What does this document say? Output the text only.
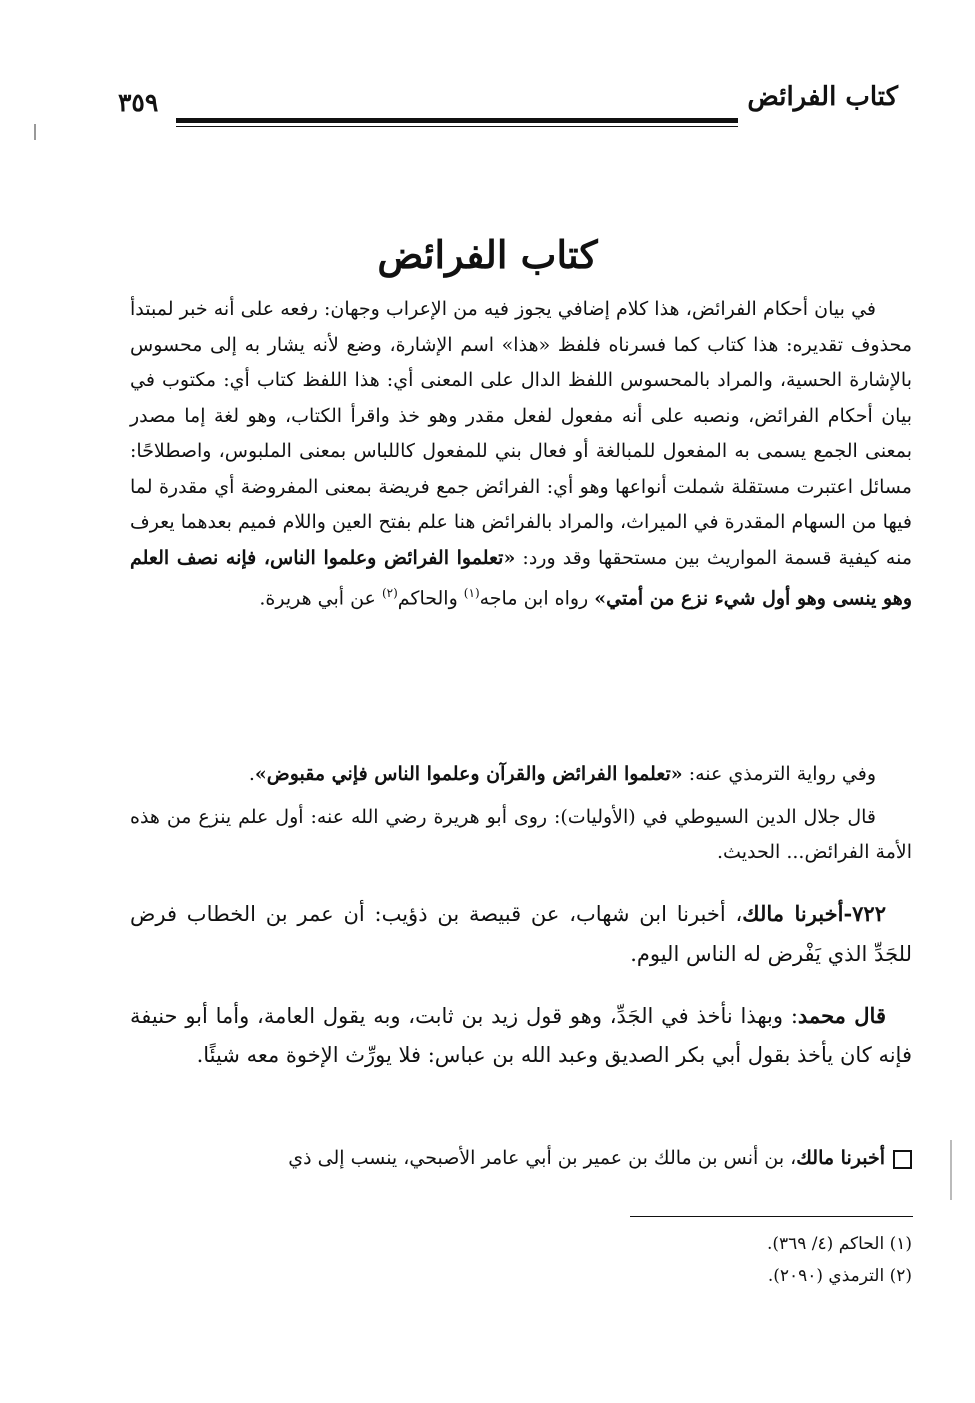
كتاب الفرائض
٣٥٩
كتاب الفرائض
في بيان أحكام الفرائض، هذا كلام إضافي يجوز فيه من الإعراب وجهان: رفعه على أنه خبر لمبتدأ محذوف تقديره: هذا كتاب كما فسرناه فلفظ «هذا» اسم الإشارة، وضع لأنه يشار به إلى محسوس بالإشارة الحسية، والمراد بالمحسوس اللفظ الدال على المعنى أي: هذا اللفظ كتاب أي: مكتوب في بيان أحكام الفرائض، ونصبه على أنه مفعول لفعل مقدر وهو خذ واقرأ الكتاب، وهو لغة إما مصدر بمعنى الجمع يسمى به المفعول للمبالغة أو فعال بني للمفعول كاللباس بمعنى الملبوس، واصطلاحًا: مسائل اعتبرت مستقلة شملت أنواعها وهو أي: الفرائض جمع فريضة بمعنى المفروضة أي مقدرة لما فيها من السهام المقدرة في الميراث، والمراد بالفرائض هنا علم بفتح العين واللام فميم بعدهما يعرف منه كيفية قسمة المواريث بين مستحقها وقد ورد: «تعلموا الفرائض وعلموا الناس، فإنه نصف العلم وهو ينسى وهو أول شيء نزع من أمتي» رواه ابن ماجه$^{(١)}$ والحاكم$^{(٢)}$ عن أبي هريرة.
وفي رواية الترمذي عنه: «تعلموا الفرائض والقرآن وعلموا الناس فإني مقبوض».
قال جلال الدين السيوطي في (الأوليات): روى أبو هريرة رضي الله عنه: أول علم ينزع من هذه الأمة الفرائض... الحديث.
٧٢٢-أخبرنا مالك، أخبرنا ابن شهاب، عن قبيصة بن ذؤيب: أن عمر بن الخطاب فرض للجَدِّ الذي يَفْرض له الناس اليوم.
قال محمد: وبهذا نأخذ في الجَدِّ، وهو قول زيد بن ثابت، وبه يقول العامة، وأما أبو حنيفة فإنه كان يأخذ بقول أبي بكر الصديق وعبد الله بن عباس: فلا يورِّث الإخوة معه شيئًا.
أخبرنا مالك، بن أنس بن مالك بن عمير بن أبي عامر الأصبحي، ينسب إلى ذي
(١) الحاكم (٤/ ٣٦٩).
(٢) الترمذي (٢٠٩٠).
